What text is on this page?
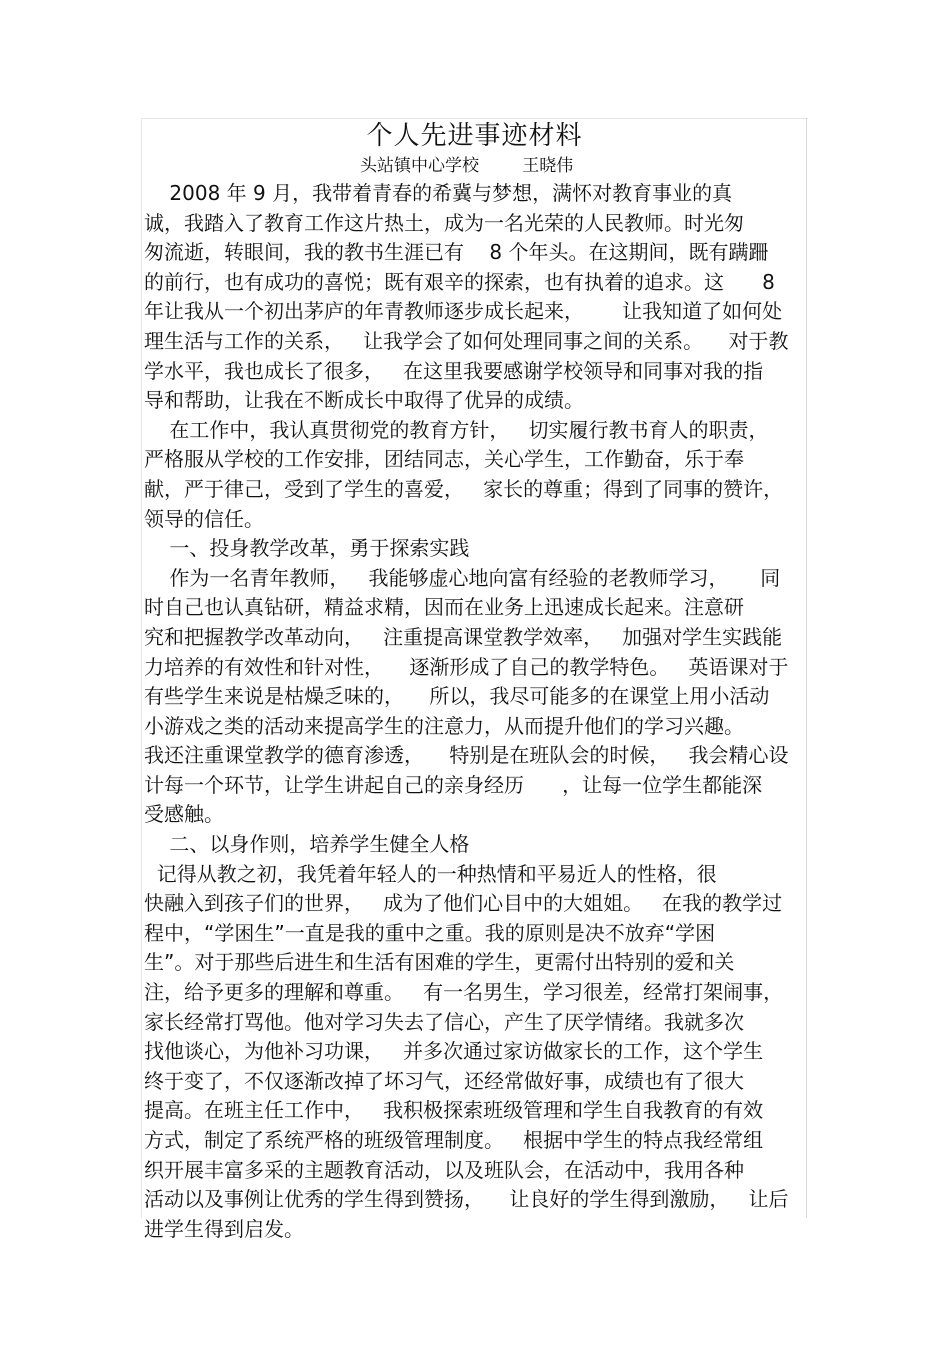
个人先进事迹材料
头站镇中心学校        王晓伟
2008 年 9 月，我带着青春的希冀与梦想，满怀对教育事业的真
诚，我踏入了教育工作这片热土，成为一名光荣的人民教师。时光匆
匆流逝，转眼间，我的教书生涯已有    8 个年头。在这期间，既有蹒跚
的前行，也有成功的喜悦；既有艰辛的探索，也有执着的追求。这      8
年让我从一个初出茅庐的年青教师逐步成长起来，      让我知道了如何处
理生活与工作的关系，   让我学会了如何处理同事之间的关系。    对于教
学水平，我也成长了很多，   在这里我要感谢学校领导和同事对我的指
导和帮助，让我在不断成长中取得了优异的成绩。
在工作中，我认真贯彻党的教育方针，   切实履行教书育人的职责，
严格服从学校的工作安排，团结同志，关心学生，工作勤奋，乐于奉
献，严于律己，受到了学生的喜爱，   家长的尊重；得到了同事的赞许，
领导的信任。
一、投身教学改革，勇于探索实践
作为一名青年教师，   我能够虚心地向富有经验的老教师学习，     同
时自己也认真钻研，精益求精，因而在业务上迅速成长起来。注意研
究和把握教学改革动向，   注重提高课堂教学效率，   加强对学生实践能
力培养的有效性和针对性，    逐渐形成了自己的教学特色。   英语课对于
有些学生来说是枯燥乏味的，    所以，我尽可能多的在课堂上用小活动
小游戏之类的活动来提高学生的注意力，从而提升他们的学习兴趣。
我还注重课堂教学的德育渗透，    特别是在班队会的时候，   我会精心设
计每一个环节，让学生讲起自己的亲身经历      ，让每一位学生都能深
受感触。
二、以身作则，培养学生健全人格
记得从教之初，我凭着年轻人的一种热情和平易近人的性格，很
快融入到孩子们的世界，   成为了他们心目中的大姐姐。   在我的教学过
程中，“学困生”一直是我的重中之重。我的原则是决不放弃“学困
生”。对于那些后进生和生活有困难的学生，更需付出特别的爱和关
注，给予更多的理解和尊重。   有一名男生，学习很差，经常打架闹事，
家长经常打骂他。他对学习失去了信心，产生了厌学情绪。我就多次
找他谈心，为他补习功课，   并多次通过家访做家长的工作，这个学生
终于变了，不仅逐渐改掉了坏习气，还经常做好事，成绩也有了很大
提高。在班主任工作中，   我积极探索班级管理和学生自我教育的有效
方式，制定了系统严格的班级管理制度。   根据中学生的特点我经常组
织开展丰富多采的主题教育活动，以及班队会，在活动中，我用各种
活动以及事例让优秀的学生得到赞扬，    让良好的学生得到激励，   让后
进学生得到启发。
